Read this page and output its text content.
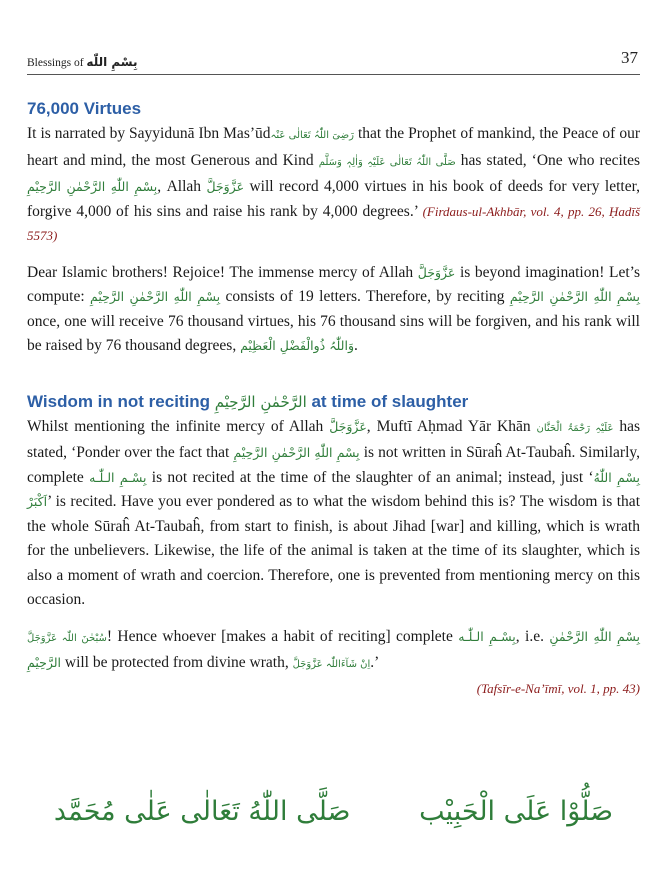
Blessings of بِسْمِ اللّٰه	37
76,000 Virtues

It is narrated by Sayyidunā Ibn Mas’ūdرَضِیَ اللّٰہُ تَعَالٰی عَنْہ that the Prophet of mankind, the Peace of our heart and mind, the most Generous and Kind صَلَّی اللّٰہُ تَعَالٰی عَلَیْہِ وَاٰلِہٖ وَسَلَّم has stated, ‘One who recites بِسْمِ اللّٰهِ الرَّحْمٰنِ الرَّحِيْمِ, Allah عَزَّوَجَلَّ will record 4,000 virtues in his book of deeds for very letter, forgive 4,000 of his sins and raise his rank by 4,000 degrees.’ (Firdaus-ul-Akhbār, vol. 4, pp. 26, Ḥadīš 5573)

Dear Islamic brothers! Rejoice! The immense mercy of Allah عَزَّوَجَلَّ is beyond imagination! Let’s compute: بِسْمِ اللّٰهِ الرَّحْمٰنِ الرَّحِيْمِ consists of 19 letters. Therefore, by reciting بِسْمِ اللّٰهِ الرَّحْمٰنِ الرَّحِيْمِ once, one will receive 76 thousand virtues, his 76 thousand sins will be forgiven, and his rank will be raised by 76 thousand degrees, وَاللّٰہُ ذُوالْفَضْلِ الْعَظِیْم.

Wisdom in not reciting الرَّحْمٰنِ الرَّحِيْمِ at time of slaughter

Whilst mentioning the infinite mercy of Allah عَزَّوَجَلَّ, Muftī Aḥmad Yār Khān عَلَیْہِ رَحْمَۃُ الْحَنَّان has stated, ‘Ponder over the fact that بِسْمِ اللّٰهِ الرَّحْمٰنِ الرَّحِيْمِ is not written in Sūraĥ At-Taubaĥ. Similarly, complete بِسْـمِ الـلّٰـه is not recited at the time of the slaughter of an animal; instead, just ‘بِسْمِ اللّٰهُ اَكْبَرْ’ is recited. Have you ever pondered as to what the wisdom behind this is? The wisdom is that the whole Sūraĥ At-Taubaĥ, from start to finish, is about Jihad [war] and killing, which is wrath for the unbelievers. Likewise, the life of the animal is taken at the time of its slaughter, which is also a moment of wrath and coercion. Therefore, one is prevented from mentioning mercy on this occasion.

سُبْحٰنَ اللّٰہ عَزَّوَجَلَّ! Hence whoever [makes a habit of reciting] complete بِسْـمِ الـلّٰـه, i.e. بِسْمِ اللّٰهِ الرَّحْمٰنِ الرَّحِيْمِ will be protected from divine wrath, اِنْ شَآءَاللّٰہ عَزَّوَجَلَّ.’

(Tafsīr-e-Na’īmī, vol. 1, pp. 43)
صَلُّوْا عَلَى الْحَبِيْب صَلَّى اللّٰهُ تَعَالٰى عَلٰى مُحَمَّد
